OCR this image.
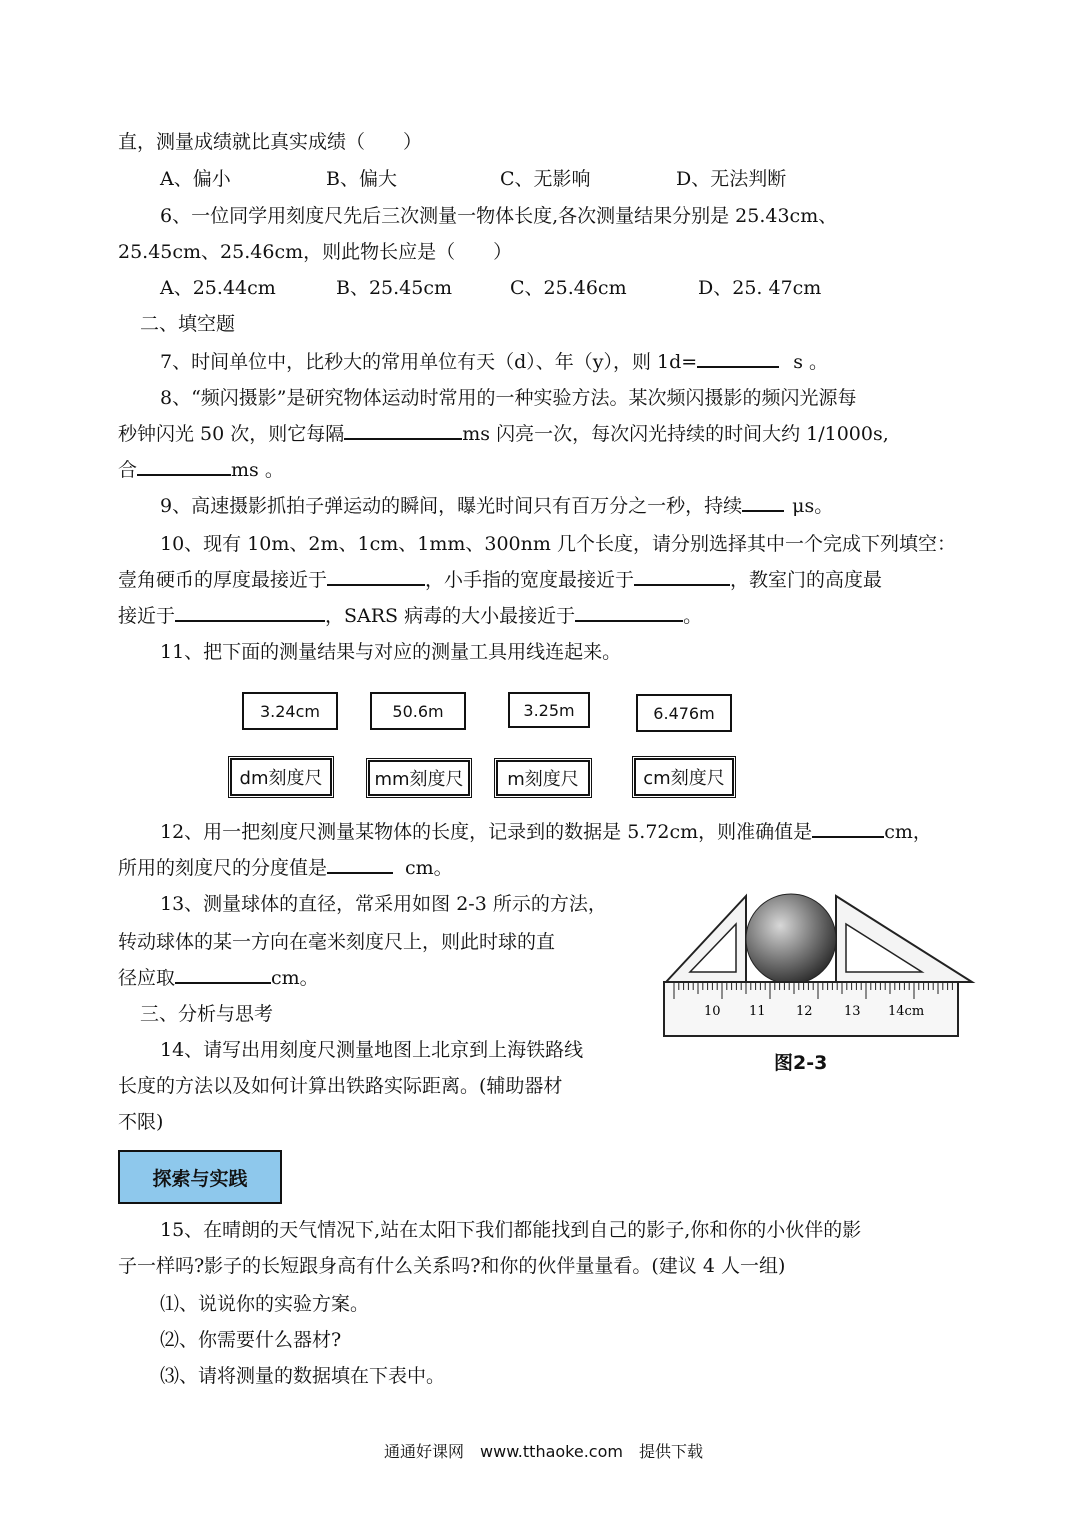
直，测量成绩就比真实成绩（　　）
A、偏小	B、偏大	C、无影响	D、无法判断
6、一位同学用刻度尺先后三次测量一物体长度,各次测量结果分别是 25.43cm、
25.45cm、25.46cm，则此物长应是（　　）
A、25.44cm	B、25.45cm	C、25.46cm	D、25. 47cm
二、填空题
7、时间单位中，比秒大的常用单位有天（d）、年（y），则 1d=	s 。
8、“频闪摄影”是研究物体运动时常用的一种实验方法。某次频闪摄影的频闪光源每
秒钟闪光 50 次，则它每隔	ms 闪亮一次，每次闪光持续的时间大约 1/1000s,
合	ms 。
9、高速摄影抓拍子弹运动的瞬间，曝光时间只有百万分之一秒，持续	μs。
10、现有 10m、2m、1cm、1mm、300nm 几个长度，请分别选择其中一个完成下列填空：
壹角硬币的厚度最接近于	，小手指的宽度最接近于	，教室门的高度最
接近于	，SARS 病毒的大小最接近于	。
11、把下面的测量结果与对应的测量工具用线连起来。
3.24cm	50.6m	3.25m	6.476m
dm刻度尺	mm刻度尺	m刻度尺	cm刻度尺
12、用一把刻度尺测量某物体的长度，记录到的数据是 5.72cm，则准确值是	cm，
所用的刻度尺的分度值是	cm。
13、测量球体的直径，常采用如图 2-3 所示的方法，
转动球体的某一方向在毫米刻度尺上，则此时球的直
径应取	cm。
三、分析与思考
14、请写出用刻度尺测量地图上北京到上海铁路线
长度的方法以及如何计算出铁路实际距离。(辅助器材
不限)
10 11 12 13 14cm
图2-3
探索与实践
15、在晴朗的天气情况下,站在太阳下我们都能找到自己的影子,你和你的小伙伴的影
子一样吗?影子的长短跟身高有什么关系吗?和你的伙伴量量看。(建议 4 人一组)
⑴、说说你的实验方案。
⑵、你需要什么器材?
⑶、请将测量的数据填在下表中。
通通好课网　www.tthaoke.com　提供下载
